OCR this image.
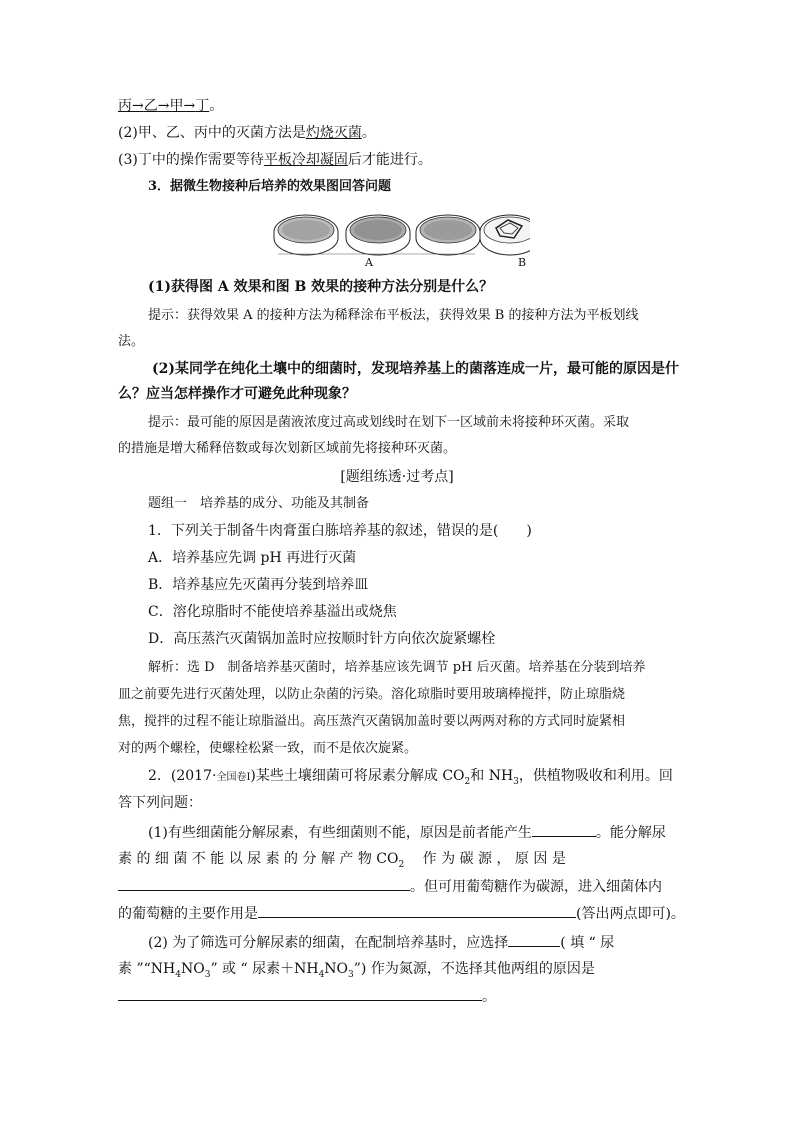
丙→乙→甲→丁。
(2)甲、乙、丙中的灭菌方法是灼烧灭菌。
(3)丁中的操作需要等待平板冷却凝固后才能进行。
3．据微生物接种后培养的效果图回答问题
A	B
(1)获得图 A 效果和图 B 效果的接种方法分别是什么？
提示：获得效果 A 的接种方法为稀释涂布平板法，获得效果 B 的接种方法为平板划线
法。
(2)某同学在纯化土壤中的细菌时，发现培养基上的菌落连成一片，最可能的原因是什
么？应当怎样操作才可避免此种现象？
提示：最可能的原因是菌液浓度过高或划线时在划下一区域前未将接种环灭菌。采取
的措施是增大稀释倍数或每次划新区域前先将接种环灭菌。
[题组练透·过考点]
题组一　培养基的成分、功能及其制备
1．下列关于制备牛肉膏蛋白胨培养基的叙述，错误的是(　　)
A．培养基应先调 pH 再进行灭菌
B．培养基应先灭菌再分装到培养皿
C．溶化琼脂时不能使培养基溢出或烧焦
D．高压蒸汽灭菌锅加盖时应按顺时针方向依次旋紧螺栓
解析：选 D　制备培养基灭菌时，培养基应该先调节 pH 后灭菌。培养基在分装到培养
皿之前要先进行灭菌处理，以防止杂菌的污染。溶化琼脂时要用玻璃棒搅拌，防止琼脂烧
焦，搅拌的过程不能让琼脂溢出。高压蒸汽灭菌锅加盖时要以两两对称的方式同时旋紧相
对的两个螺栓，使螺栓松紧一致，而不是依次旋紧。
2．(2017·全国卷Ⅰ)某些土壤细菌可将尿素分解成 $CO_2$和 $NH_3$，供植物吸收和利用。回
答下列问题：
(1)有些细菌能分解尿素，有些细菌则不能，原因是前者能产生	。能分解尿
素 的 细 菌 不 能 以 尿 素 的 分 解 产 物 $CO_2$　 作 为 碳 源 ， 原 因 是
。但可用葡萄糖作为碳源，进入细菌体内
的葡萄糖的主要作用是	(答出两点即可)。
(2) 为了筛选可分解尿素的细菌，在配制培养基时，应选择	( 填 “ 尿
素 $”“NH_4NO_3$” 或 “ 尿素$+NH_4NO_3$”) 作为氮源，不选择其他两组的原因是
。
